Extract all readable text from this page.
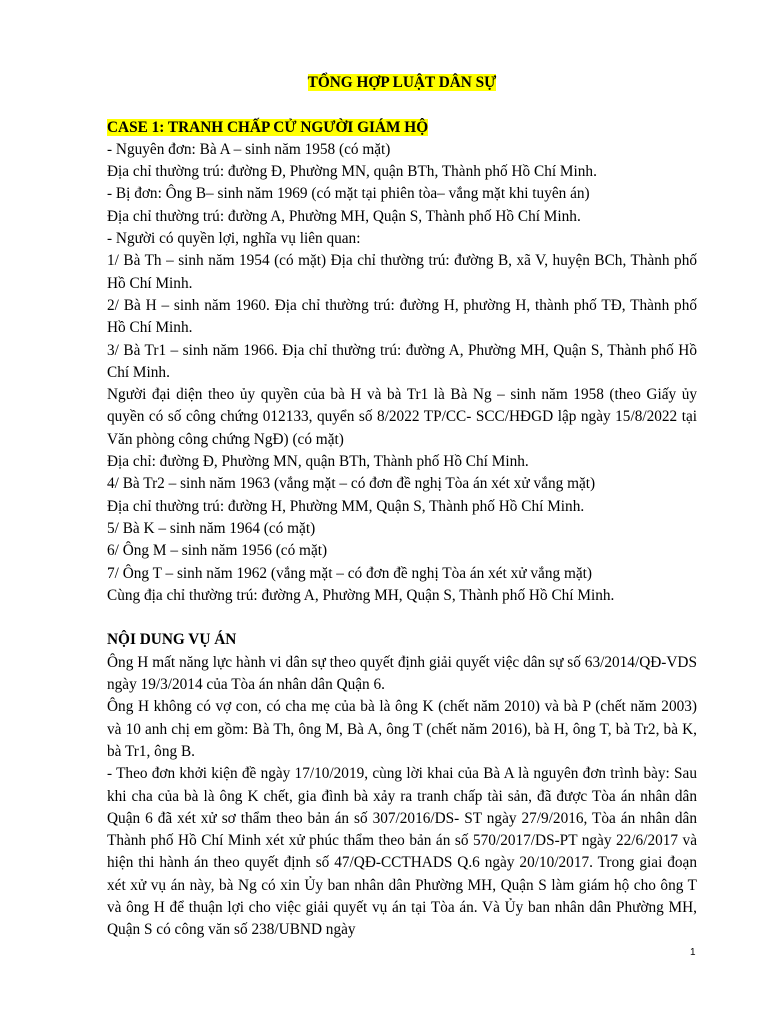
TỔNG HỢP LUẬT DÂN SỰ
CASE 1: TRANH CHẤP CỬ NGƯỜI GIÁM HỘ
- Nguyên đơn: Bà A – sinh năm 1958 (có mặt)
Địa chỉ thường trú: đường Đ, Phường MN, quận BTh, Thành phố Hồ Chí Minh.
- Bị đơn: Ông B– sinh năm 1969 (có mặt tại phiên tòa– vắng mặt khi tuyên án)
Địa chỉ thường trú: đường A, Phường MH, Quận S, Thành phố Hồ Chí Minh.
- Người có quyền lợi, nghĩa vụ liên quan:
1/ Bà Th – sinh năm 1954 (có mặt) Địa chỉ thường trú: đường B, xã V, huyện BCh, Thành phố Hồ Chí Minh.
2/ Bà H – sinh năm 1960. Địa chỉ thường trú: đường H, phường H, thành phố TĐ, Thành phố Hồ Chí Minh.
3/ Bà Tr1 – sinh năm 1966. Địa chỉ thường trú: đường A, Phường MH, Quận S, Thành phố Hồ Chí Minh.
Người đại diện theo ủy quyền của bà H và bà Tr1 là Bà Ng – sinh năm 1958 (theo Giấy ủy quyền có số công chứng 012133, quyển số 8/2022 TP/CC- SCC/HĐGD lập ngày 15/8/2022 tại Văn phòng công chứng NgĐ) (có mặt)
Địa chỉ: đường Đ, Phường MN, quận BTh, Thành phố Hồ Chí Minh.
4/ Bà Tr2 – sinh năm 1963 (vắng mặt – có đơn đề nghị Tòa án xét xử vắng mặt)
Địa chỉ thường trú: đường H, Phường MM, Quận S, Thành phố Hồ Chí Minh.
5/ Bà K – sinh năm 1964 (có mặt)
6/ Ông M – sinh năm 1956 (có mặt)
7/ Ông T – sinh năm 1962 (vắng mặt – có đơn đề nghị Tòa án xét xử vắng mặt)
Cùng địa chỉ thường trú: đường A, Phường MH, Quận S, Thành phố Hồ Chí Minh.
NỘI DUNG VỤ ÁN
Ông H mất năng lực hành vi dân sự theo quyết định giải quyết việc dân sự số 63/2014/QĐ-VDS ngày 19/3/2014 của Tòa án nhân dân Quận 6.
Ông H không có vợ con, có cha mẹ của bà là ông K (chết năm 2010) và bà P (chết năm 2003) và 10 anh chị em gồm: Bà Th, ông M, Bà A, ông T (chết năm 2016), bà H, ông T, bà Tr2, bà K, bà Tr1, ông B.
- Theo đơn khởi kiện đề ngày 17/10/2019, cùng lời khai của Bà A là nguyên đơn trình bày: Sau khi cha của bà là ông K chết, gia đình bà xảy ra tranh chấp tài sản, đã được Tòa án nhân dân Quận 6 đã xét xử sơ thẩm theo bản án số 307/2016/DS- ST ngày 27/9/2016, Tòa án nhân dân Thành phố Hồ Chí Minh xét xử phúc thẩm theo bản án số 570/2017/DS-PT ngày 22/6/2017 và hiện thi hành án theo quyết định số 47/QĐ-CCTHADS Q.6 ngày 20/10/2017. Trong giai đoạn xét xử vụ án này, bà Ng có xin Ủy ban nhân dân Phường MH, Quận S làm giám hộ cho ông T và ông H để thuận lợi cho việc giải quyết vụ án tại Tòa án. Và Ủy ban nhân dân Phường MH, Quận S có công văn số 238/UBND ngày
1
